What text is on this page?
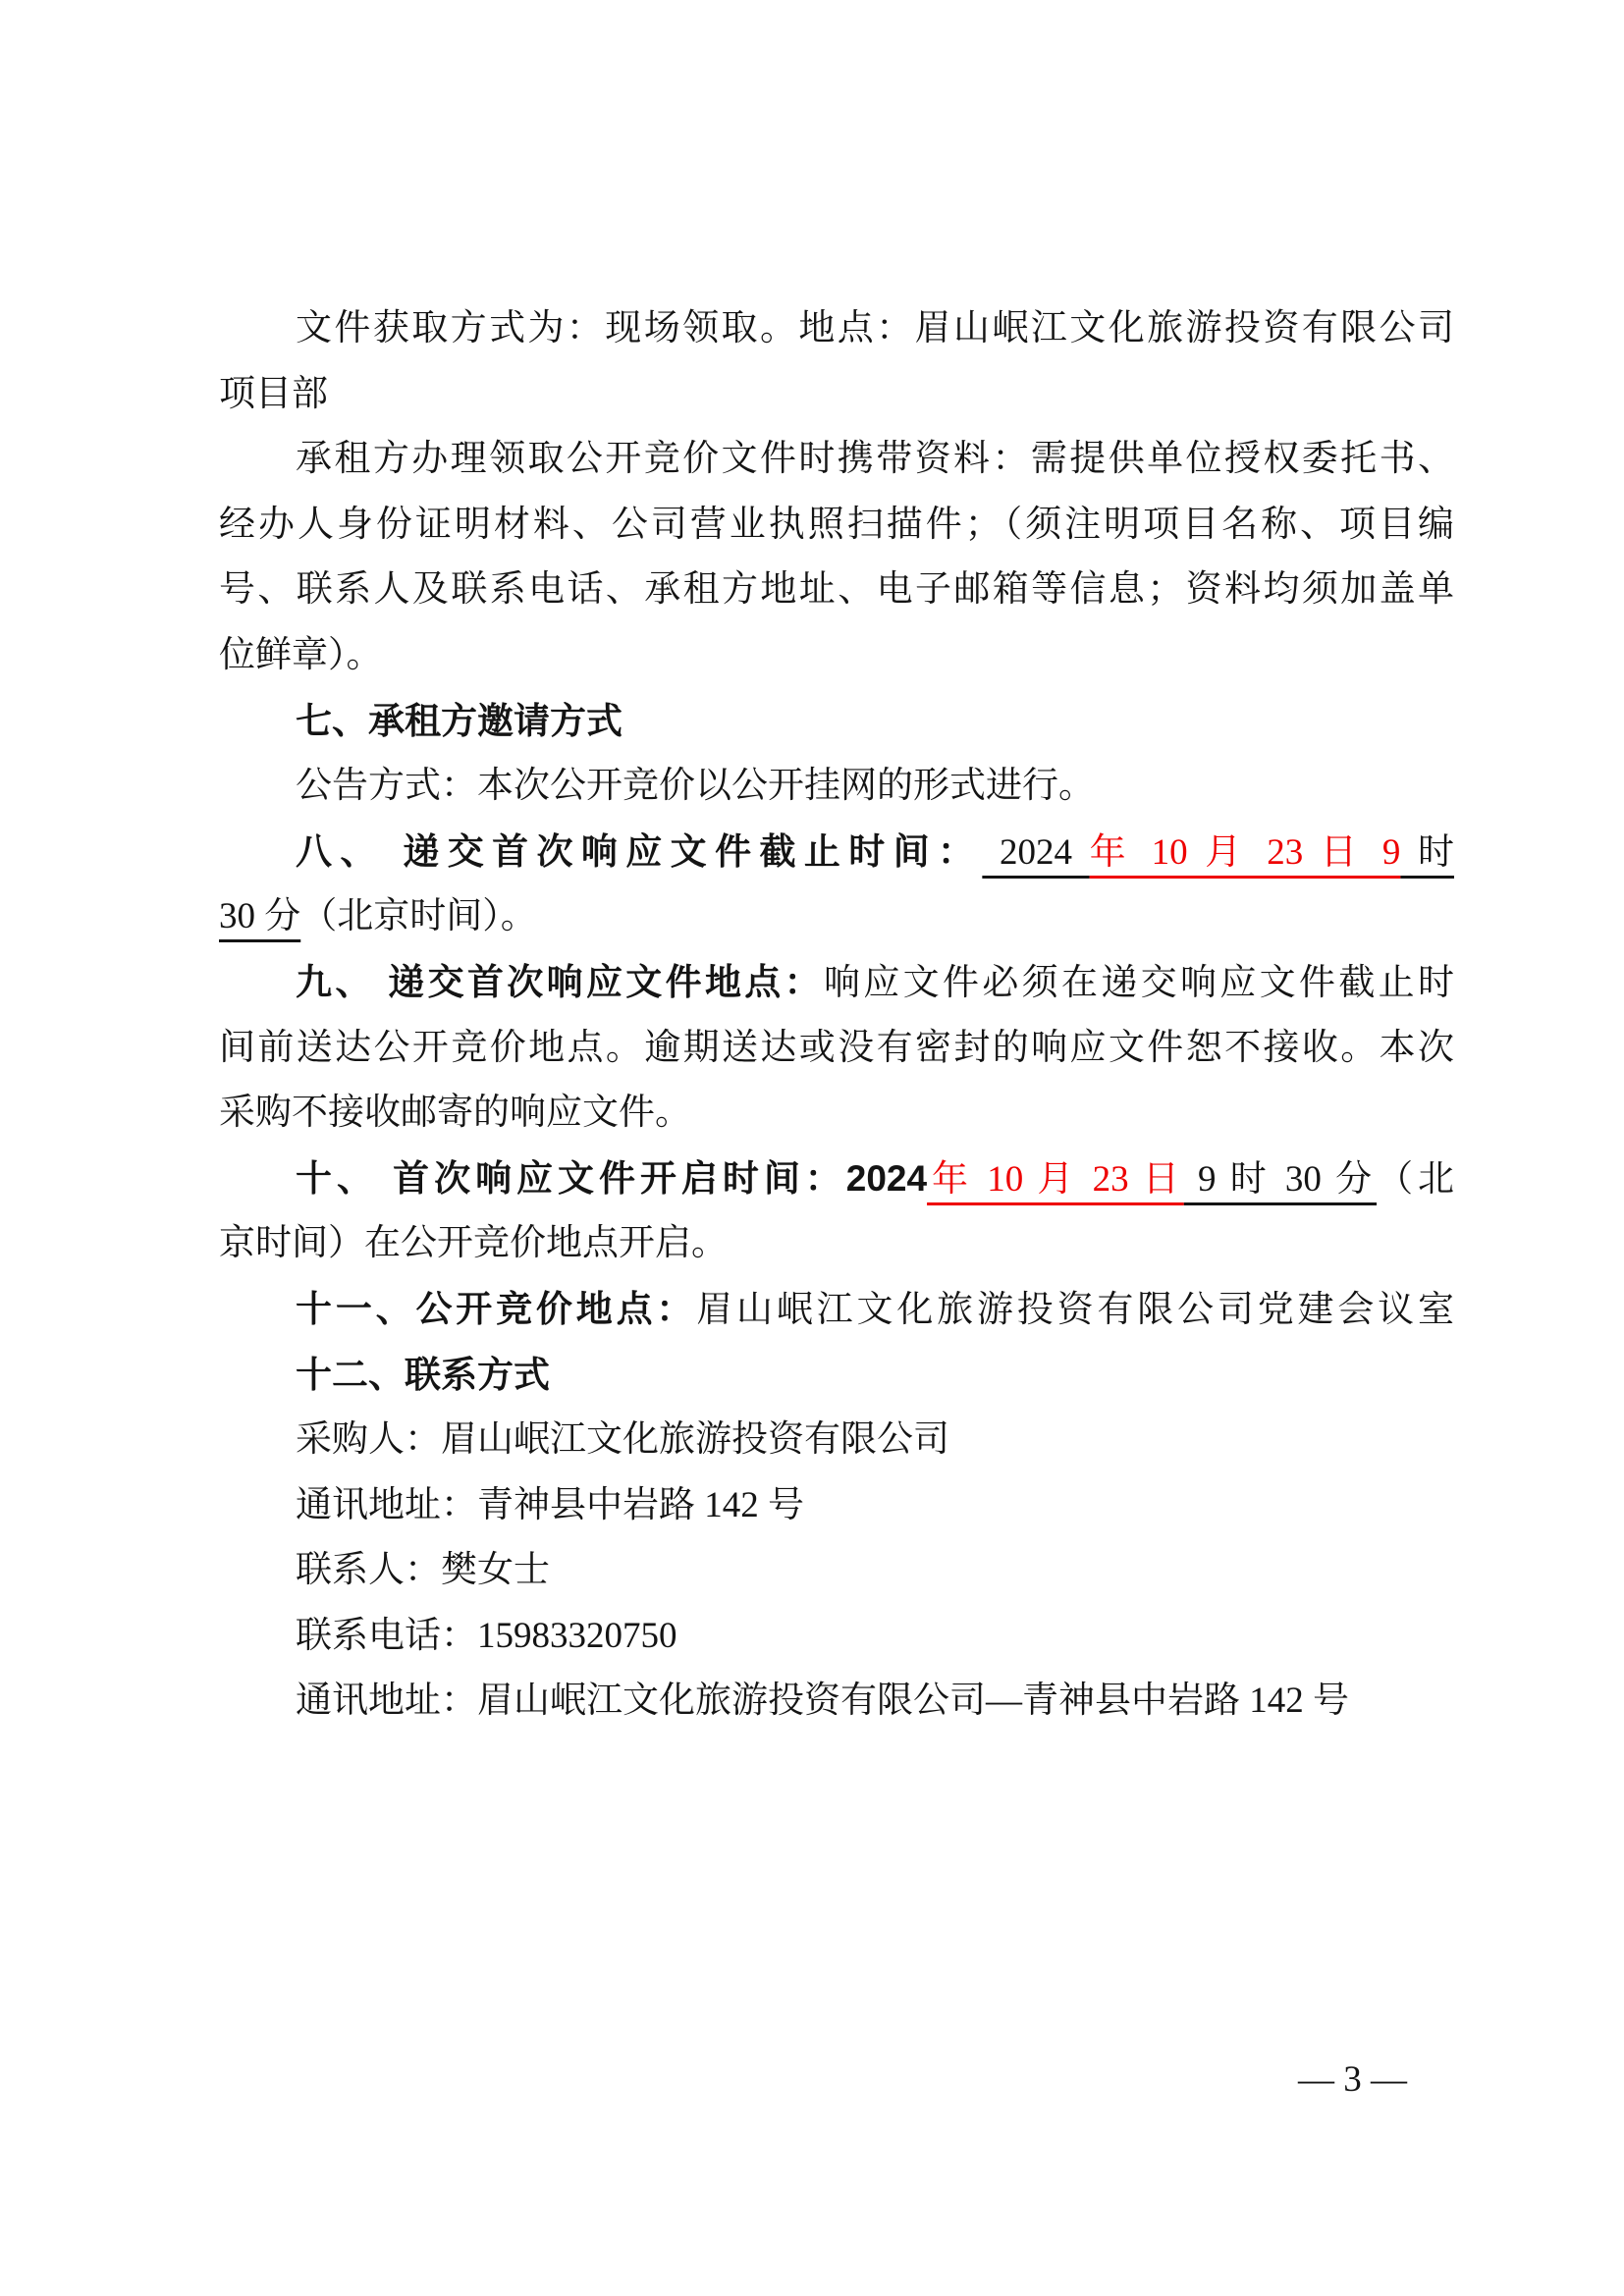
文件获取方式为：现场领取。地点：眉山岷江文化旅游投资有限公司
项目部
承租方办理领取公开竞价文件时携带资料：需提供单位授权委托书、
经办人身份证明材料、公司营业执照扫描件；（须注明项目名称、项目编
号、联系人及联系电话、承租方地址、电子邮箱等信息；资料均须加盖单
位鲜章）。
七、承租方邀请方式
公告方式：本次公开竞价以公开挂网的形式进行。
八、 递交首次响应文件截止时间： 2024 年 10 月 23 日 9 时
30 分（北京时间）。
九、 递交首次响应文件地点：响应文件必须在递交响应文件截止时
间前送达公开竞价地点。逾期送达或没有密封的响应文件恕不接收。本次
采购不接收邮寄的响应文件。
十、 首次响应文件开启时间：2024年 10 月 23 日 9 时 30 分（北
京时间）在公开竞价地点开启。
十一、公开竞价地点：眉山岷江文化旅游投资有限公司党建会议室
十二、联系方式
采购人：眉山岷江文化旅游投资有限公司
通讯地址：青神县中岩路 142 号
联系人：樊女士
联系电话：15983320750
通讯地址：眉山岷江文化旅游投资有限公司—青神县中岩路 142 号
— 3 —
